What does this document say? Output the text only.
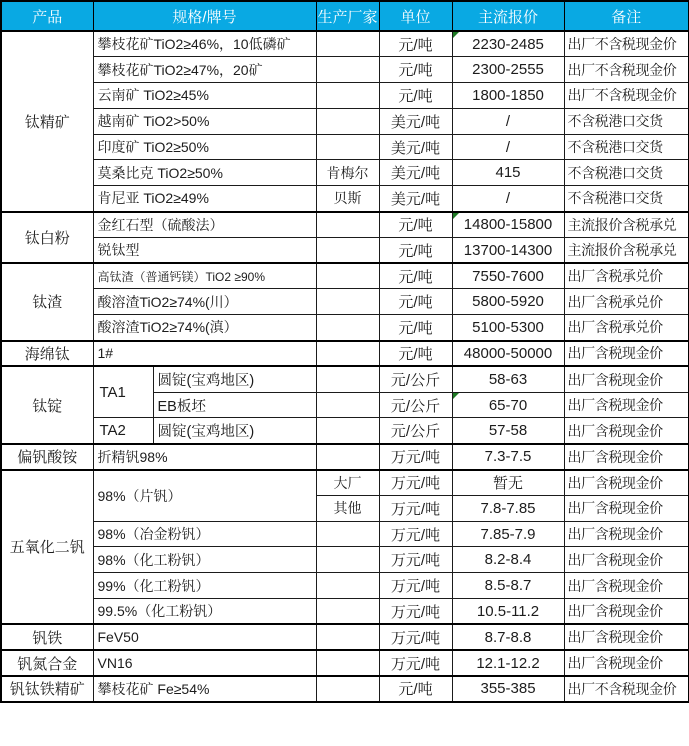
产品	规格/牌号		生产厂家	单位	主流报价	备注
钛精矿	攀枝花矿TiO2≥46%，10低磷矿			元/吨	2230-2485	出厂不含税现金价
	攀枝花矿TiO2≥47%，20矿			元/吨	2300-2555	出厂不含税现金价
	云南矿 TiO2≥45%			元/吨	1800-1850	出厂不含税现金价
	越南矿 TiO2>50%			美元/吨	/	不含税港口交货
	印度矿 TiO2≥50%			美元/吨	/	不含税港口交货
	莫桑比克 TiO2≥50%		肯梅尔	美元/吨	415	不含税港口交货
	肯尼亚 TiO2≥49%		贝斯	美元/吨	/	不含税港口交货
钛白粉	金红石型（硫酸法）			元/吨	14800-15800	主流报价含税承兑
	锐钛型			元/吨	13700-14300	主流报价含税承兑
钛渣	高钛渣（普通钙镁）TiO2 ≥90%			元/吨	7550-7600	出厂含税承兑价
	酸溶渣TiO2≥74%(川）			元/吨	5800-5920	出厂含税承兑价
	酸溶渣TiO2≥74%(滇）			元/吨	5100-5300	出厂含税承兑价
海绵钛	1#			元/吨	48000-50000	出厂含税现金价
钛锭	TA1	圆锭(宝鸡地区)		元/公斤	58-63	出厂含税现金价
		EB板坯		元/公斤	65-70	出厂含税现金价
	TA2	圆锭(宝鸡地区)		元/公斤	57-58	出厂含税现金价
偏钒酸铵	折精钒98%			万元/吨	7.3-7.5	出厂含税现金价
五氧化二钒	98%（片钒）		大厂	万元/吨	暂无	出厂含税现金价
			其他	万元/吨	7.8-7.85	出厂含税现金价
	98%（冶金粉钒）			万元/吨	7.85-7.9	出厂含税现金价
	98%（化工粉钒）			万元/吨	8.2-8.4	出厂含税现金价
	99%（化工粉钒）			万元/吨	8.5-8.7	出厂含税现金价
	99.5%（化工粉钒）			万元/吨	10.5-11.2	出厂含税现金价
钒铁	FeV50			万元/吨	8.7-8.8	出厂含税现金价
钒氮合金	VN16			万元/吨	12.1-12.2	出厂含税现金价
钒钛铁精矿	攀枝花矿 Fe≥54%			元/吨	355-385	出厂不含税现金价
